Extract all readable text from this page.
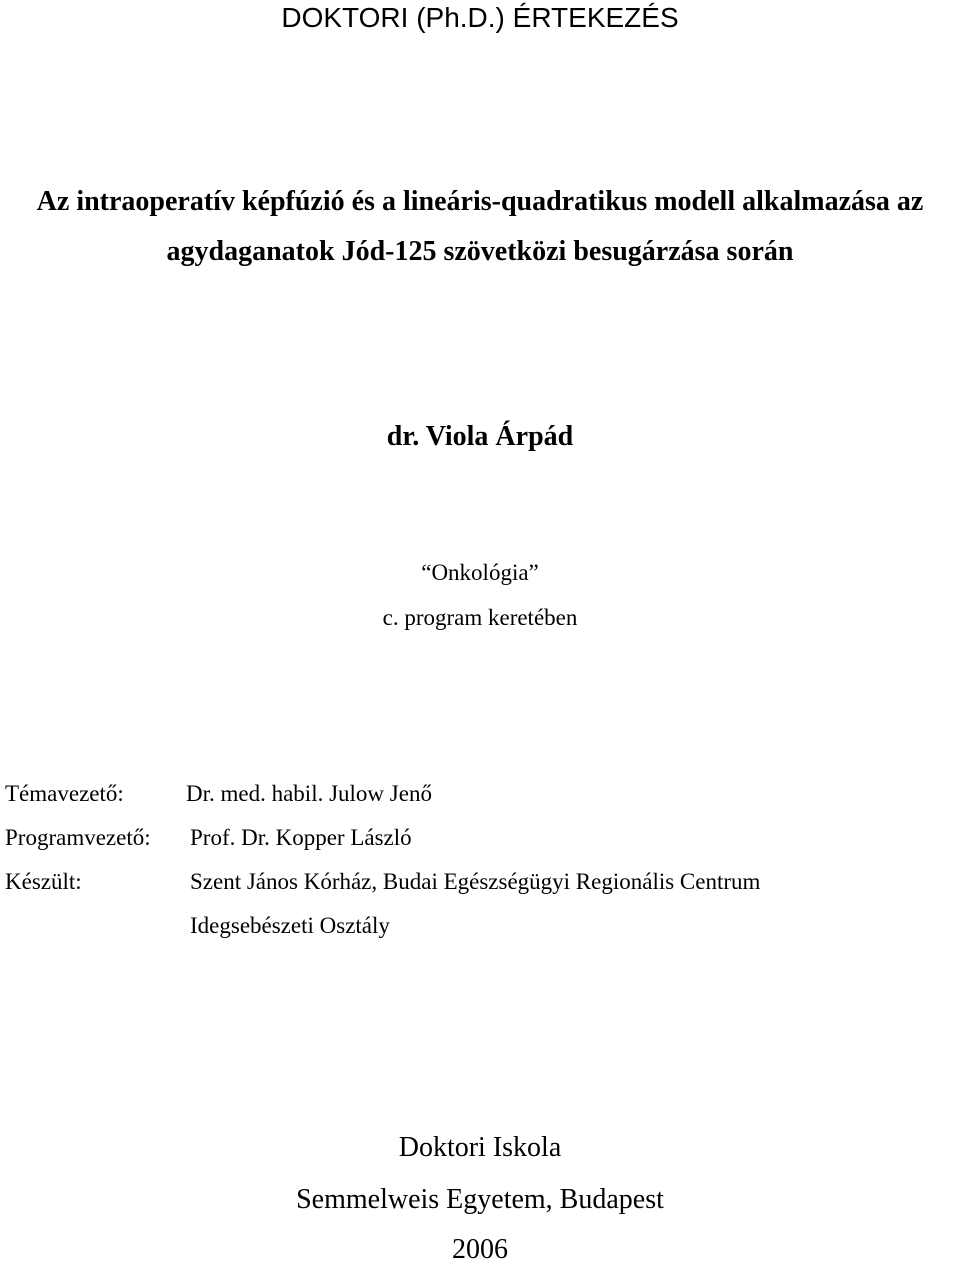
DOKTORI (Ph.D.) ÉRTEKEZÉS

Az intraoperatív képfúzió és a lineáris-quadratikus modell alkalmazása az

agydaganatok Jód-125 szövetközi besugárzása során

dr. Viola Árpád

“Onkológia”

c. program keretében

Témavezető:	Dr. med. habil. Julow Jenő
Programvezető: Prof. Dr. Kopper László
Készült:	Szent János Kórház, Budai Egészségügyi Regionális Centrum
Idegsebészeti Osztály

Doktori Iskola

Semmelweis Egyetem, Budapest

2006
